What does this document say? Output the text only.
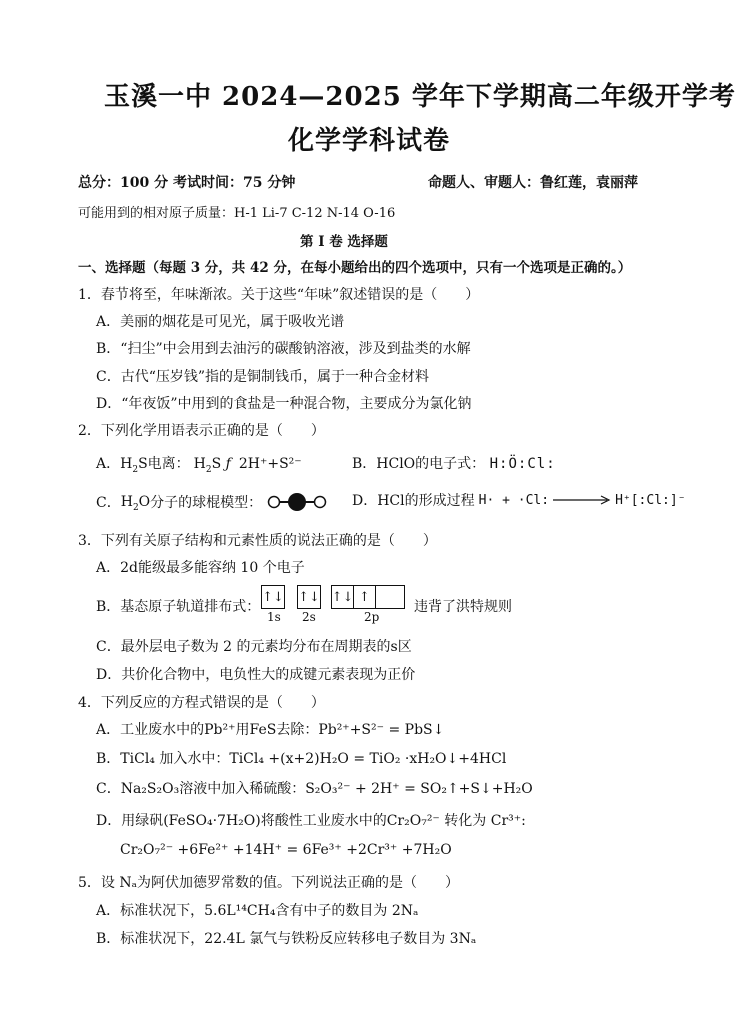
玉溪一中 2024—2025 学年下学期高二年级开学考
化学学科试卷
总分：100 分 考试时间：75 分钟	命题人、审题人：鲁红莲，袁丽萍
可能用到的相对原子质量：H-1 Li-7 C-12 N-14 O-16
第 I 卷 选择题
一、选择题（每题 3 分，共 42 分，在每小题给出的四个选项中，只有一个选项是正确的。）
1．春节将至，年味渐浓。关于这些“年味”叙述错误的是（　　）
A．美丽的烟花是可见光，属于吸收光谱
B．“扫尘”中会用到去油污的碳酸钠溶液，涉及到盐类的水解
C．古代“压岁钱”指的是铜制钱币，属于一种合金材料
D．“年夜饭”中用到的食盐是一种混合物，主要成分为氯化钠
2．下列化学用语表示正确的是（　　）
A． $H_2S$ 电离： $H_2S$ ƒ 2H⁺+S²⁻	B．HClO的电子式： H:Ö:Cl:
C． $H_2O$ 分子的球棍模型：	D．HCl的形成过程 H· + ·Cl:	H⁺[:Cl:]⁻
3．下列有关原子结构和元素性质的说法正确的是（　　）
A．2d能级最多能容纳 10 个电子
B．基态原子轨道排布式：
↑↓ ↑↓ ↑↓ ↑
1s 2s	2p
违背了洪特规则
C．最外层电子数为 2 的元素均分布在周期表的s区
D．共价化合物中，电负性大的成键元素表现为正价
4．下列反应的方程式错误的是（　　）
A．工业废水中的Pb²⁺用FeS去除：Pb²⁺+S²⁻ = PbS↓
B．TiCl₄ 加入水中：TiCl₄ +(x+2)H₂O = TiO₂ ·xH₂O↓+4HCl
C．Na₂S₂O₃溶液中加入稀硫酸：S₂O₃²⁻ + 2H⁺ = SO₂↑+S↓+H₂O
D．用绿矾(FeSO₄·7H₂O)将酸性工业废水中的Cr₂O₇²⁻ 转化为 Cr³⁺:
Cr₂O₇²⁻ +6Fe²⁺ +14H⁺ = 6Fe³⁺ +2Cr³⁺ +7H₂O
5．设 Nₐ为阿伏加德罗常数的值。下列说法正确的是（　　）
A．标准状况下，5.6L¹⁴CH₄含有中子的数目为 2Nₐ
B．标准状况下，22.4L 氯气与铁粉反应转移电子数目为 3Nₐ
